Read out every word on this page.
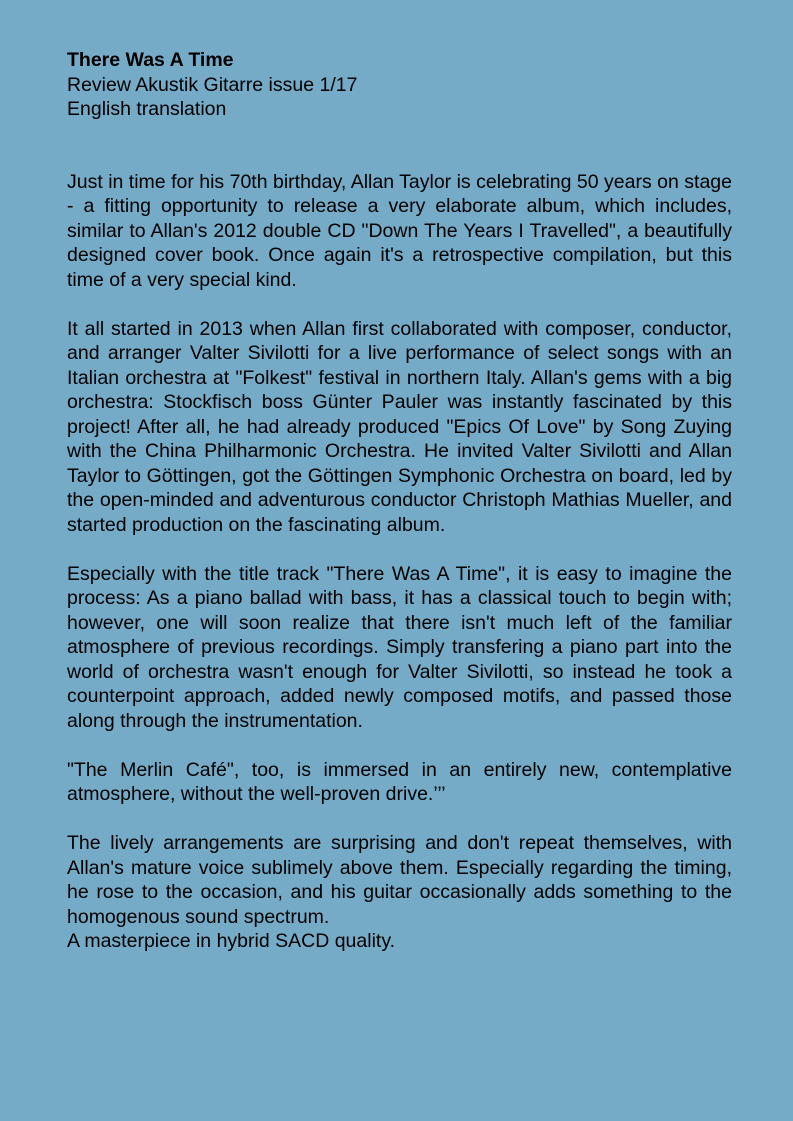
There Was A Time
Review Akustik Gitarre issue 1/17
English translation

Just in time for his 70th birthday, Allan Taylor is celebrating 50 years on stage - a fitting opportunity to release a very elaborate album, which includes, similar to Allan's 2012 double CD "Down The Years I Travelled", a beautifully designed cover book. Once again it's a retrospective compilation, but this time of a very special kind.

It all started in 2013 when Allan first collaborated with composer, conductor, and arranger Valter Sivilotti for a live performance of select songs with an Italian orchestra at "Folkest" festival in northern Italy. Allan's gems with a big orchestra: Stockfisch boss Günter Pauler was instantly fascinated by this project! After all, he had already produced "Epics Of Love" by Song Zuying with the China Philharmonic Orchestra. He invited Valter Sivilotti and Allan Taylor to Göttingen, got the Göttingen Symphonic Orchestra on board, led by the open-minded and adventurous conductor Christoph Mathias Mueller, and started production on the fascinating album.

Especially with the title track "There Was A Time", it is easy to imagine the process: As a piano ballad with bass, it has a classical touch to begin with; however, one will soon realize that there isn't much left of the familiar atmosphere of previous recordings. Simply transfering a piano part into the world of orchestra wasn't enough for Valter Sivilotti, so instead he took a counterpoint approach, added newly composed motifs, and passed those along through the instrumentation.

"The Merlin Café", too, is immersed in an entirely new, contemplative atmosphere, without the well-proven drive.’’’

The lively arrangements are surprising and don't repeat themselves, with Allan's mature voice sublimely above them. Especially regarding the timing, he rose to the occasion, and his guitar occasionally adds something to the homogenous sound spectrum.

A masterpiece in hybrid SACD quality.
